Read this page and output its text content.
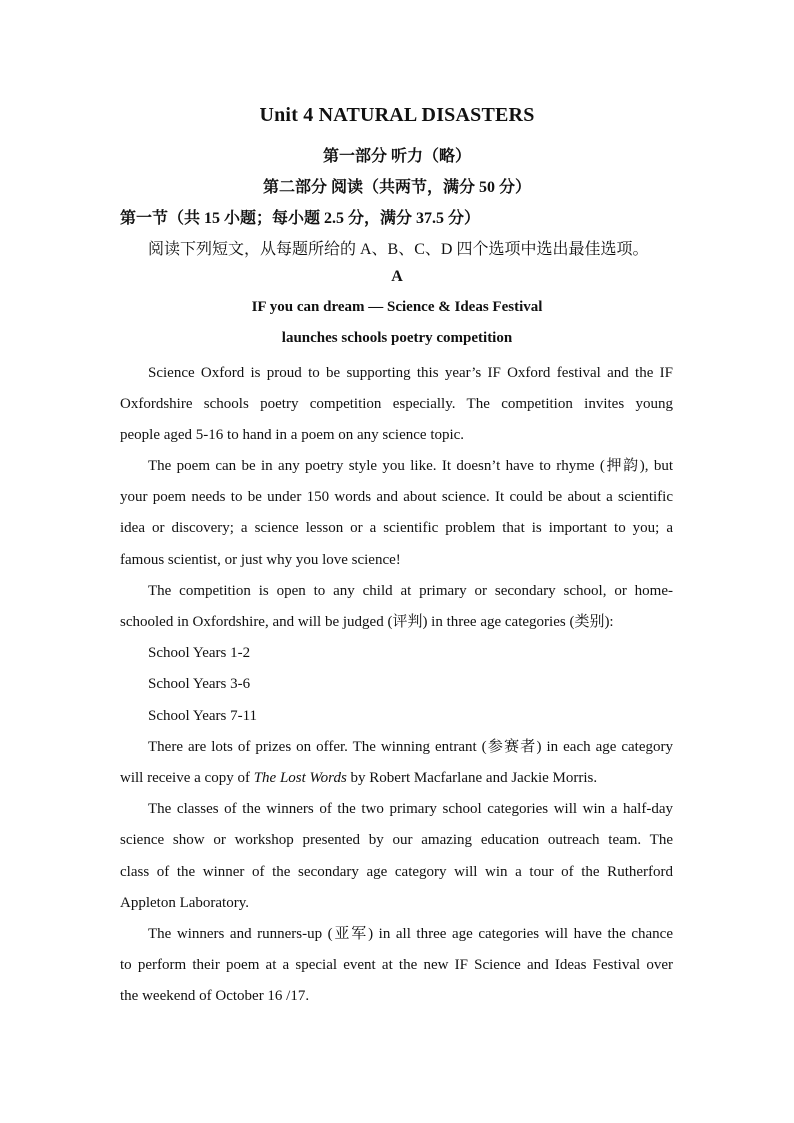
Unit 4 NATURAL DISASTERS
第一部分 听力（略）
第二部分 阅读（共两节，满分 50 分）
第一节（共 15 小题；每小题 2.5 分，满分 37.5 分）
阅读下列短文，从每题所给的 A、B、C、D 四个选项中选出最佳选项。
A
IF you can dream — Science & Ideas Festival
launches schools poetry competition
Science Oxford is proud to be supporting this year’s IF Oxford festival and the IF
Oxfordshire schools poetry competition especially. The competition invites young
people aged 5-16 to hand in a poem on any science topic.
The poem can be in any poetry style you like. It doesn’t have to rhyme (押韵), but
your poem needs to be under 150 words and about science. It could be about a scientific
idea or discovery; a science lesson or a scientific problem that is important to you; a
famous scientist, or just why you love science!
The competition is open to any child at primary or secondary school, or home-
schooled in Oxfordshire, and will be judged (评判) in three age categories (类别):
School Years 1-2
School Years 3-6
School Years 7-11
There are lots of prizes on offer. The winning entrant (参赛者) in each age category
will receive a copy of The Lost Words by Robert Macfarlane and Jackie Morris.
The classes of the winners of the two primary school categories will win a half-day
science show or workshop presented by our amazing education outreach team. The
class of the winner of the secondary age category will win a tour of the Rutherford
Appleton Laboratory.
The winners and runners-up (亚军) in all three age categories will have the chance
to perform their poem at a special event at the new IF Science and Ideas Festival over
the weekend of October 16 /17.
